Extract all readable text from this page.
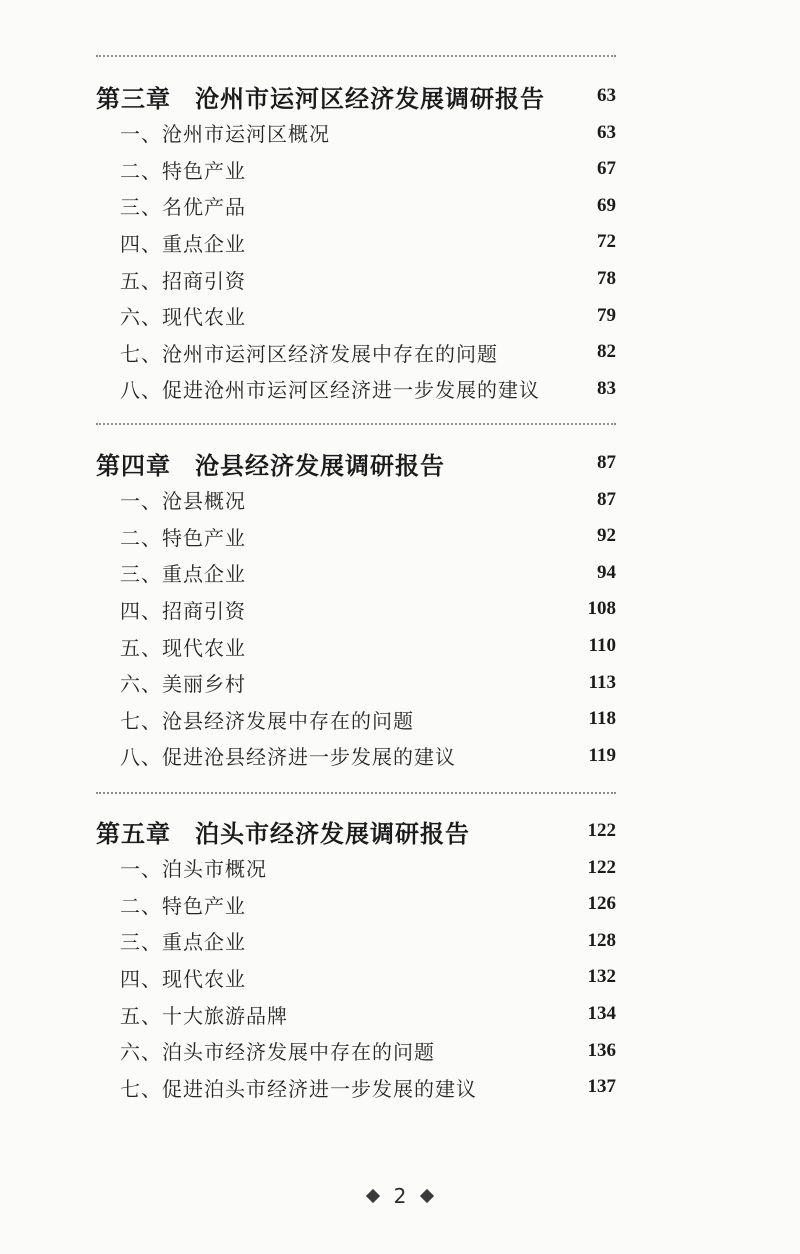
第三章 沧州市运河区经济发展调研报告	63
一、沧州市运河区概况	63
二、特色产业	67
三、名优产品	69
四、重点企业	72
五、招商引资	78
六、现代农业	79
七、沧州市运河区经济发展中存在的问题	82
八、促进沧州市运河区经济进一步发展的建议	83
第四章 沧县经济发展调研报告	87
一、沧县概况	87
二、特色产业	92
三、重点企业	94
四、招商引资	108
五、现代农业	110
六、美丽乡村	113
七、沧县经济发展中存在的问题	118
八、促进沧县经济进一步发展的建议	119
第五章 泊头市经济发展调研报告	122
一、泊头市概况	122
二、特色产业	126
三、重点企业	128
四、现代农业	132
五、十大旅游品牌	134
六、泊头市经济发展中存在的问题	136
七、促进泊头市经济进一步发展的建议	137
2
